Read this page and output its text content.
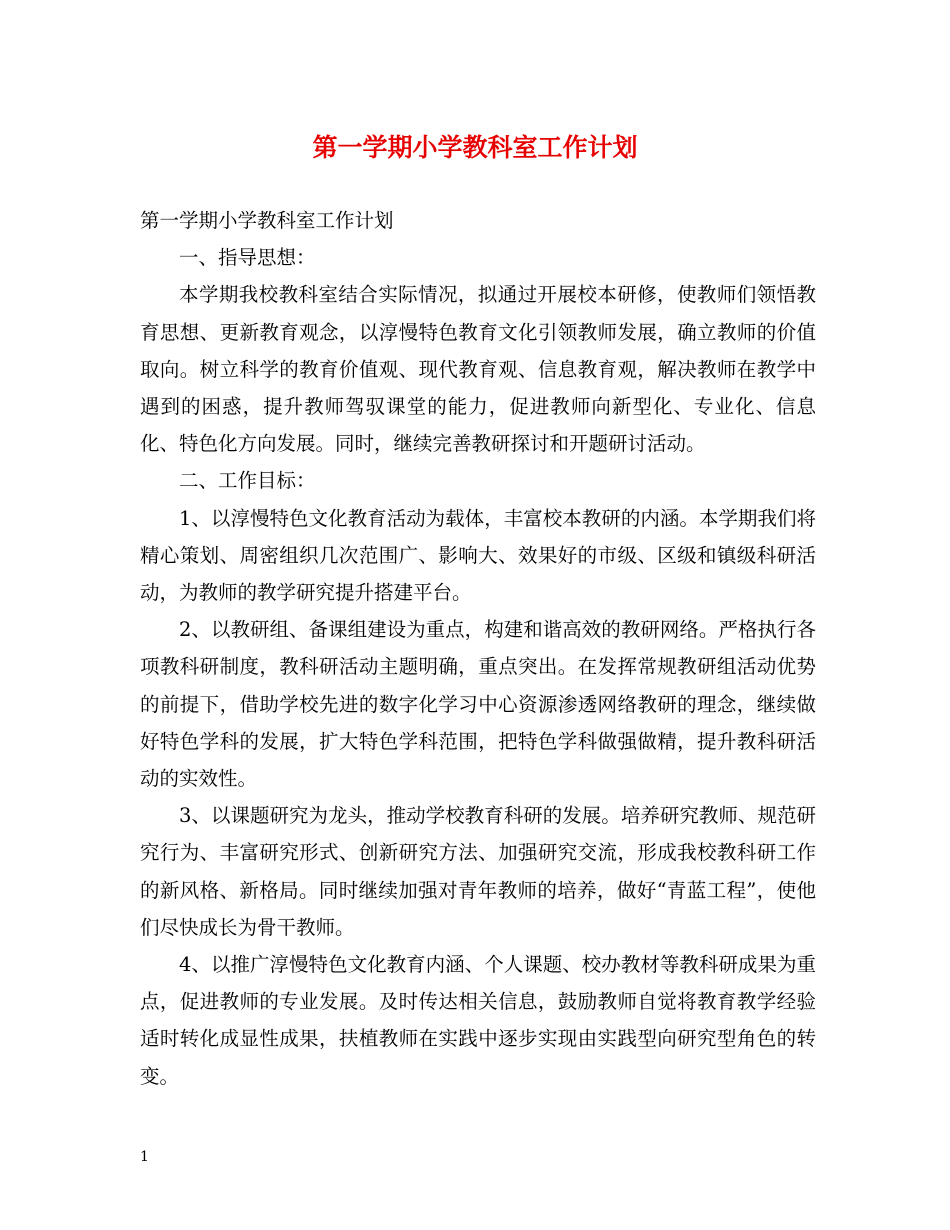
第一学期小学教科室工作计划

第一学期小学教科室工作计划

一、指导思想：

本学期我校教科室结合实际情况，拟通过开展校本研修，使教师们领悟教育思想、更新教育观念，以淳慢特色教育文化引领教师发展，确立教师的价值取向。树立科学的教育价值观、现代教育观、信息教育观，解决教师在教学中遇到的困惑，提升教师驾驭课堂的能力，促进教师向新型化、专业化、信息化、特色化方向发展。同时，继续完善教研探讨和开题研讨活动。

二、工作目标：

1、以淳慢特色文化教育活动为载体，丰富校本教研的内涵。本学期我们将精心策划、周密组织几次范围广、影响大、效果好的市级、区级和镇级科研活动，为教师的教学研究提升搭建平台。

2、以教研组、备课组建设为重点，构建和谐高效的教研网络。严格执行各项教科研制度，教科研活动主题明确，重点突出。在发挥常规教研组活动优势的前提下，借助学校先进的数字化学习中心资源渗透网络教研的理念，继续做好特色学科的发展，扩大特色学科范围，把特色学科做强做精，提升教科研活动的实效性。

3、以课题研究为龙头，推动学校教育科研的发展。培养研究教师、规范研究行为、丰富研究形式、创新研究方法、加强研究交流，形成我校教科研工作的新风格、新格局。同时继续加强对青年教师的培养，做好“青蓝工程”，使他们尽快成长为骨干教师。

4、以推广淳慢特色文化教育内涵、个人课题、校办教材等教科研成果为重点，促进教师的专业发展。及时传达相关信息，鼓励教师自觉将教育教学经验适时转化成显性成果，扶植教师在实践中逐步实现由实践型向研究型角色的转变。

1
